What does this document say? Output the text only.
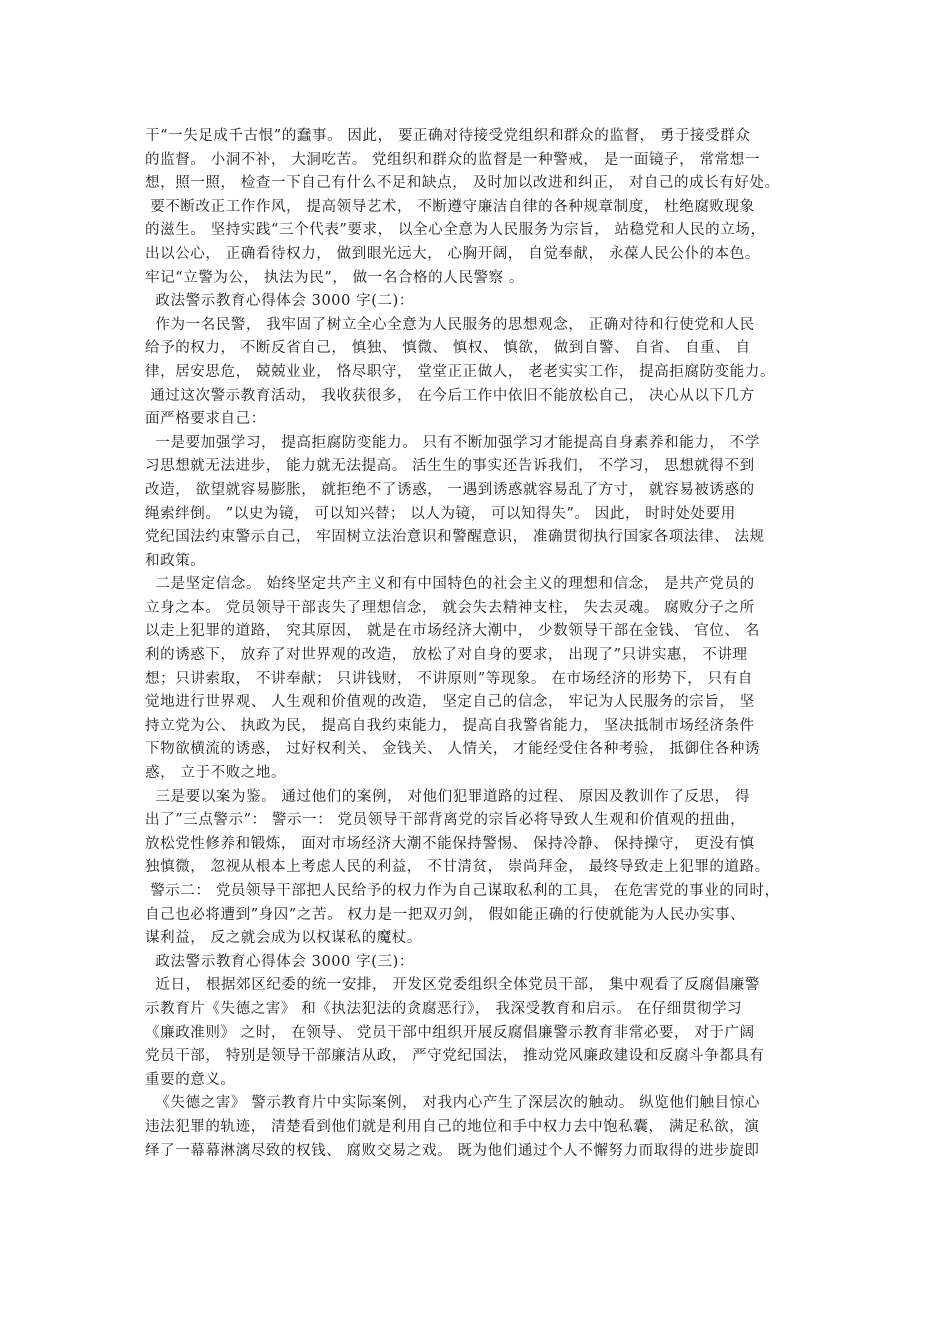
干“一失足成千古恨”的蠢事。 因此， 要正确对待接受党组织和群众的监督， 勇于接受群众
的监督。 小洞不补， 大洞吃苦。 党组织和群众的监督是一种警戒， 是一面镜子， 常常想一
想，照一照， 检查一下自己有什么不足和缺点， 及时加以改进和纠正， 对自己的成长有好处。
要不断改正工作作风， 提高领导艺术， 不断遵守廉洁自律的各种规章制度， 杜绝腐败现象
的滋生。 坚持实践“三个代表”要求， 以全心全意为人民服务为宗旨， 站稳党和人民的立场，
出以公心， 正确看待权力， 做到眼光远大， 心胸开阔， 自觉奉献， 永葆人民公仆的本色。
牢记“立警为公， 执法为民”， 做一名合格的人民警察 。
政法警示教育心得体会 3000 字(二)：
作为一名民警， 我牢固了树立全心全意为人民服务的思想观念， 正确对待和行使党和人民
给予的权力， 不断反省自己， 慎独、 慎微、 慎权、 慎欲， 做到自警、 自省、 自重、 自
律，居安思危， 兢兢业业， 恪尽职守， 堂堂正正做人， 老老实实工作， 提高拒腐防变能力。
通过这次警示教育活动， 我收获很多， 在今后工作中依旧不能放松自己， 决心从以下几方
面严格要求自己：
一是要加强学习， 提高拒腐防变能力。 只有不断加强学习才能提高自身素养和能力， 不学
习思想就无法进步， 能力就无法提高。 活生生的事实还告诉我们， 不学习， 思想就得不到
改造， 欲望就容易膨胀， 就拒绝不了诱惑， 一遇到诱惑就容易乱了方寸， 就容易被诱惑的
绳索绊倒。 ”以史为镜， 可以知兴替； 以人为镜， 可以知得失”。 因此， 时时处处要用
党纪国法约束警示自己， 牢固树立法治意识和警醒意识， 准确贯彻执行国家各项法律、 法规
和政策。
二是坚定信念。 始终坚定共产主义和有中国特色的社会主义的理想和信念， 是共产党员的
立身之本。 党员领导干部丧失了理想信念， 就会失去精神支柱， 失去灵魂。 腐败分子之所
以走上犯罪的道路， 究其原因， 就是在市场经济大潮中， 少数领导干部在金钱、 官位、 名
利的诱惑下， 放弃了对世界观的改造， 放松了对自身的要求， 出现了”只讲实惠， 不讲理
想；只讲索取， 不讲奉献； 只讲钱财， 不讲原则”等现象。 在市场经济的形势下， 只有自
觉地进行世界观、 人生观和价值观的改造， 坚定自己的信念， 牢记为人民服务的宗旨， 坚
持立党为公、 执政为民， 提高自我约束能力， 提高自我警省能力， 坚决抵制市场经济条件
下物欲横流的诱惑， 过好权利关、 金钱关、 人情关， 才能经受住各种考验， 抵御住各种诱
惑， 立于不败之地。
三是要以案为鉴。 通过他们的案例， 对他们犯罪道路的过程、 原因及教训作了反思， 得
出了”三点警示”： 警示一： 党员领导干部背离党的宗旨必将导致人生观和价值观的扭曲，
放松党性修养和锻炼， 面对市场经济大潮不能保持警惕、 保持冷静、 保持操守， 更没有慎
独慎微， 忽视从根本上考虑人民的利益， 不甘清贫， 崇尚拜金， 最终导致走上犯罪的道路。
警示二： 党员领导干部把人民给予的权力作为自己谋取私利的工具， 在危害党的事业的同时，
自己也必将遭到”身囚”之苦。 权力是一把双刃剑， 假如能正确的行使就能为人民办实事、
谋利益， 反之就会成为以权谋私的魔杖。
政法警示教育心得体会 3000 字(三)：
近日， 根据郊区纪委的统一安排， 开发区党委组织全体党员干部， 集中观看了反腐倡廉警
示教育片《失德之害》 和《执法犯法的贪腐恶行》， 我深受教育和启示。 在仔细贯彻学习
《廉政准则》 之时， 在领导、 党员干部中组织开展反腐倡廉警示教育非常必要， 对于广阔
党员干部， 特别是领导干部廉洁从政， 严守党纪国法， 推动党风廉政建设和反腐斗争都具有
重要的意义。
《失德之害》 警示教育片中实际案例， 对我内心产生了深层次的触动。 纵览他们触目惊心
违法犯罪的轨迹， 清楚看到他们就是利用自己的地位和手中权力去中饱私囊， 满足私欲，演
绎了一幕幕淋漓尽致的权钱、 腐败交易之戏。 既为他们通过个人不懈努力而取得的进步旋即
